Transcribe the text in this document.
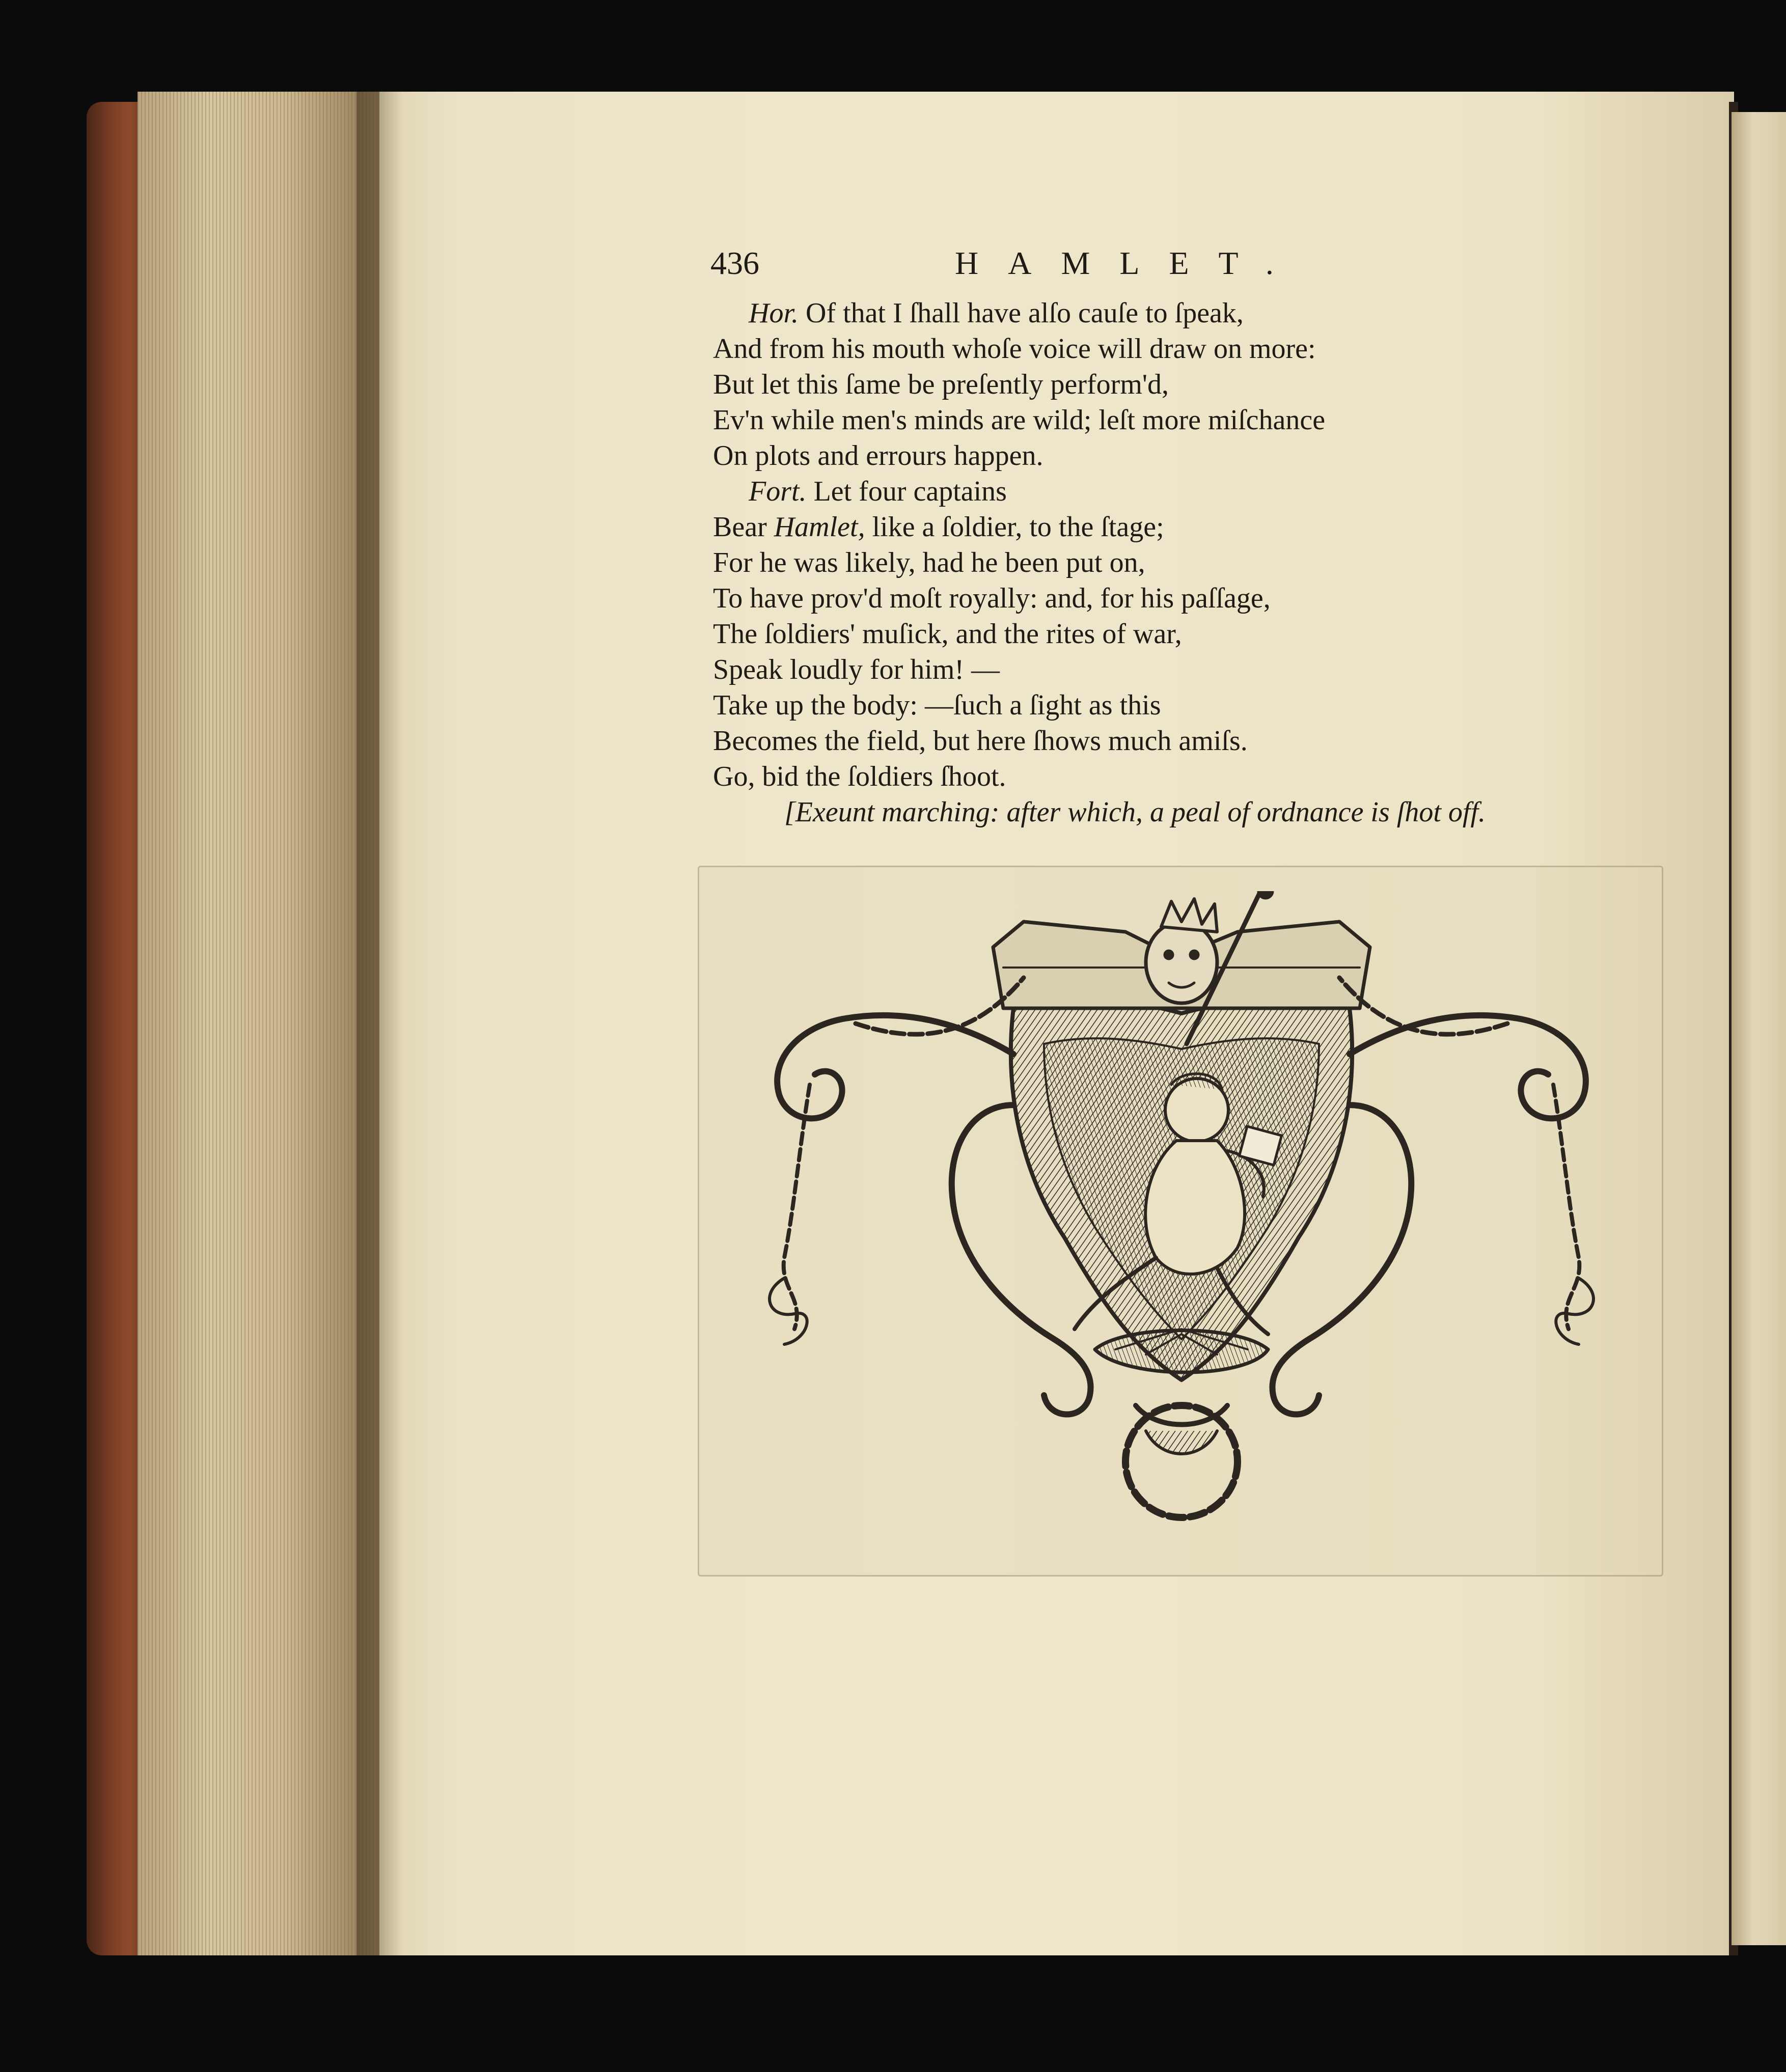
436	HAMLET.
Hor. Of that I ſhall have alſo cauſe to ſpeak,
And from his mouth whoſe voice will draw on more:
But let this ſame be preſently perform'd,
Ev'n while men's minds are wild; leſt more miſchance
On plots and errours happen.
Fort. Let four captains
Bear Hamlet, like a ſoldier, to the ſtage;
For he was likely, had he been put on,
To have prov'd moſt royally: and, for his paſſage,
The ſoldiers' muſick, and the rites of war,
Speak loudly for him! —
Take up the body: —ſuch a ſight as this
Becomes the field, but here ſhows much amiſs.
Go, bid the ſoldiers ſhoot.
[Exeunt marching: after which, a peal of ordnance is ſhot off.
